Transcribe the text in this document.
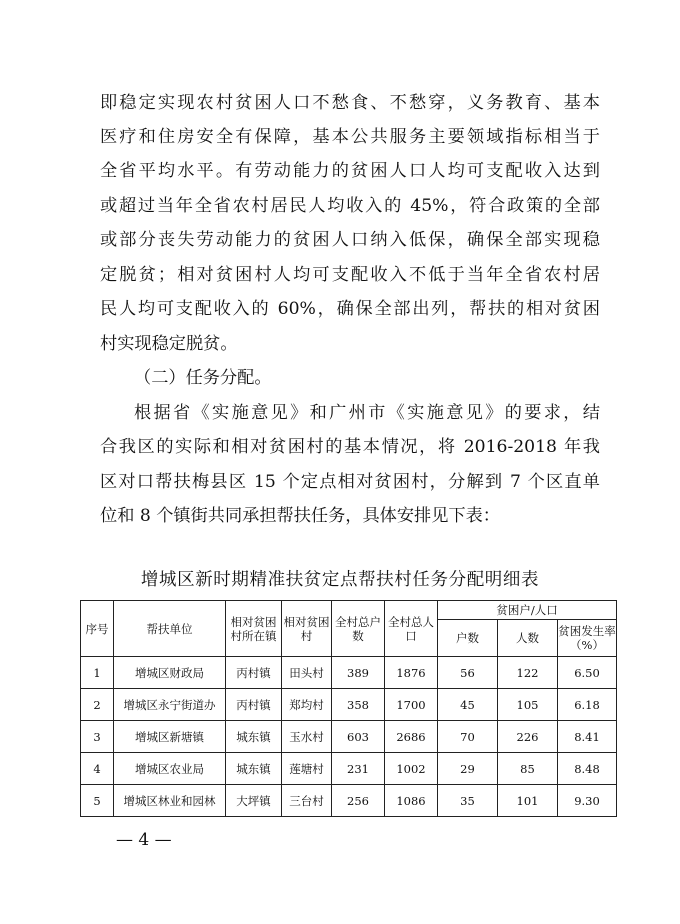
即稳定实现农村贫困人口不愁食、不愁穿，义务教育、基本
医疗和住房安全有保障，基本公共服务主要领域指标相当于
全省平均水平。有劳动能力的贫困人口人均可支配收入达到
或超过当年全省农村居民人均收入的 45%，符合政策的全部
或部分丧失劳动能力的贫困人口纳入低保，确保全部实现稳
定脱贫；相对贫困村人均可支配收入不低于当年全省农村居
民人均可支配收入的 60%，确保全部出列，帮扶的相对贫困
村实现稳定脱贫。
（二）任务分配。
根据省《实施意见》和广州市《实施意见》的要求，结
合我区的实际和相对贫困村的基本情况，将 2016-2018 年我
区对口帮扶梅县区 15 个定点相对贫困村，分解到 7 个区直单
位和 8 个镇街共同承担帮扶任务，具体安排见下表：
增城区新时期精准扶贫定点帮扶村任务分配明细表
序号	帮扶单位	相对贫困村所在镇	相对贫困村	全村总户数	全村总人口	贫困户/人口		
						户数	人数	贫困发生率（%）
1	增城区财政局	丙村镇	田头村	389	1876	56	122	6.50
2	增城区永宁街道办	丙村镇	郑均村	358	1700	45	105	6.18
3	增城区新塘镇	城东镇	玉水村	603	2686	70	226	8.41
4	增城区农业局	城东镇	莲塘村	231	1002	29	85	8.48
5	增城区林业和园林	大坪镇	三台村	256	1086	35	101	9.30
— 4 —
